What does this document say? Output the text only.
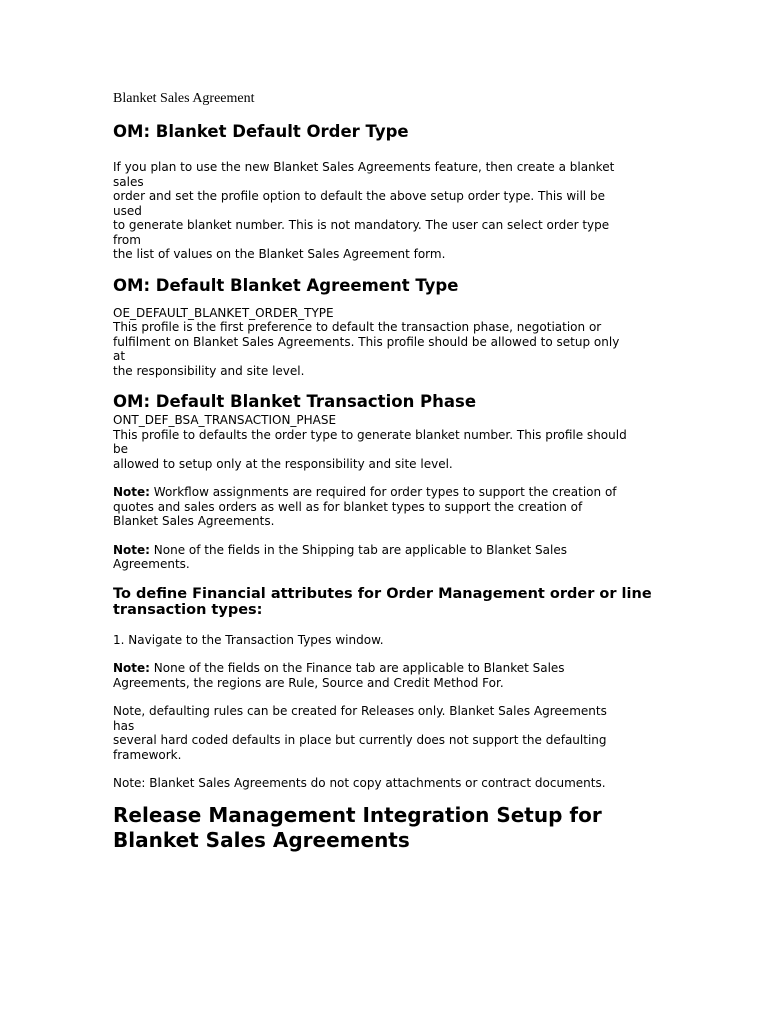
Blanket Sales Agreement
OM: Blanket Default Order Type
If you plan to use the new Blanket Sales Agreements feature, then create a blanket
sales
order and set the profile option to default the above setup order type. This will be
used
to generate blanket number. This is not mandatory. The user can select order type
from
the list of values on the Blanket Sales Agreement form.
OM: Default Blanket Agreement Type
OE_DEFAULT_BLANKET_ORDER_TYPE
This profile is the first preference to default the transaction phase, negotiation or
fulfilment on Blanket Sales Agreements. This profile should be allowed to setup only
at
the responsibility and site level.
OM: Default Blanket Transaction Phase
ONT_DEF_BSA_TRANSACTION_PHASE
This profile to defaults the order type to generate blanket number. This profile should
be
allowed to setup only at the responsibility and site level.
Note: Workflow assignments are required for order types to support the creation of
quotes and sales orders as well as for blanket types to support the creation of
Blanket Sales Agreements.
Note: None of the fields in the Shipping tab are applicable to Blanket Sales
Agreements.
To define Financial attributes for Order Management order or line
transaction types:
1. Navigate to the Transaction Types window.
Note: None of the fields on the Finance tab are applicable to Blanket Sales
Agreements, the regions are Rule, Source and Credit Method For.
Note, defaulting rules can be created for Releases only. Blanket Sales Agreements
has
several hard coded defaults in place but currently does not support the defaulting
framework.
Note: Blanket Sales Agreements do not copy attachments or contract documents.
Release Management Integration Setup for
Blanket Sales Agreements
